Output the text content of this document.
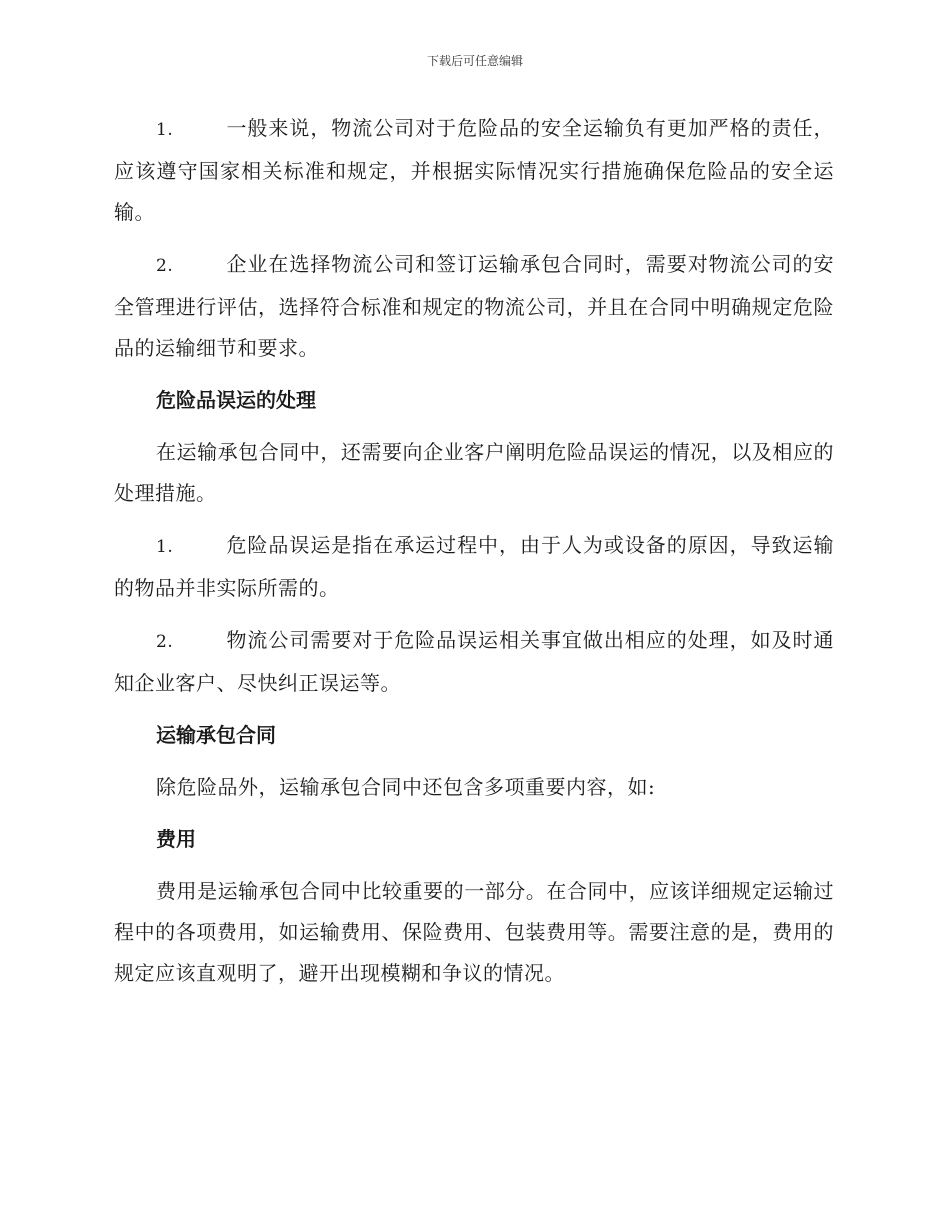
下载后可任意编辑

1.	一般来说，物流公司对于危险品的安全运输负有更加严格的责任，应该遵守国家相关标准和规定，并根据实际情况实行措施确保危险品的安全运输。

2.	企业在选择物流公司和签订运输承包合同时，需要对物流公司的安全管理进行评估，选择符合标准和规定的物流公司，并且在合同中明确规定危险品的运输细节和要求。

危险品误运的处理

在运输承包合同中，还需要向企业客户阐明危险品误运的情况，以及相应的处理措施。

1.	危险品误运是指在承运过程中，由于人为或设备的原因，导致运输的物品并非实际所需的。

2.	物流公司需要对于危险品误运相关事宜做出相应的处理，如及时通知企业客户、尽快纠正误运等。

运输承包合同

除危险品外，运输承包合同中还包含多项重要内容，如:

费用

费用是运输承包合同中比较重要的一部分。在合同中，应该详细规定运输过程中的各项费用，如运输费用、保险费用、包装费用等。需要注意的是，费用的规定应该直观明了，避开出现模糊和争议的情况。
